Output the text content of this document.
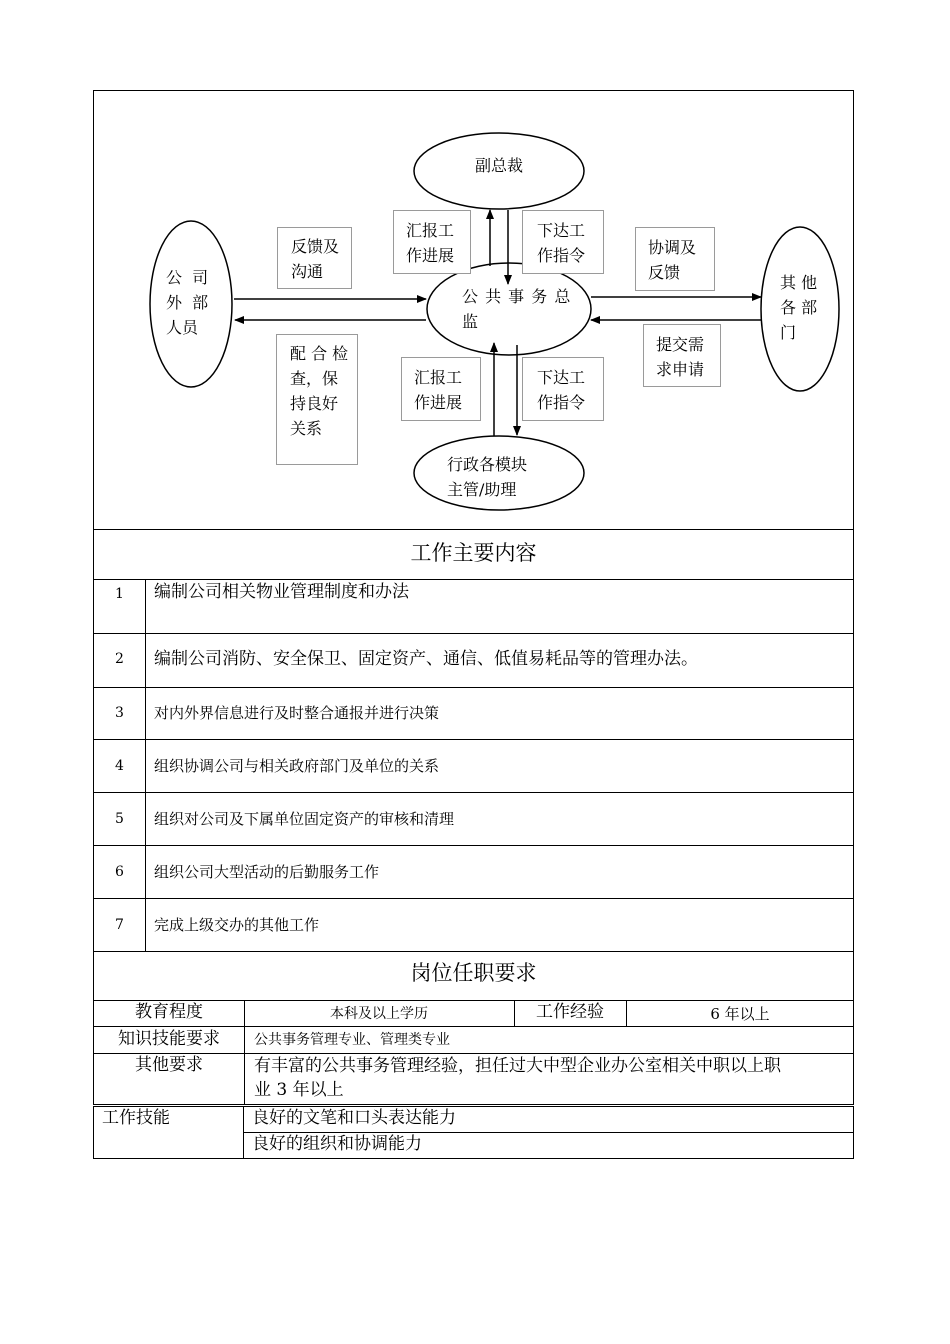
副总裁
公 共 事 务 总
监
公  司
外  部
人员
其 他
各 部
门
行政各模块
主管/助理
反馈及
沟通
配 合 检
查，保
持良好
关系
汇报工
作进展
下达工
作指令
汇报工
作进展
下达工
作指令
协调及
反馈
提交需
求申请
工作主要内容
1	编制公司相关物业管理制度和办法
2	编制公司消防、安全保卫、固定资产、通信、低值易耗品等的管理办法。
3	对内外界信息进行及时整合通报并进行决策
4	组织协调公司与相关政府部门及单位的关系
5	组织对公司及下属单位固定资产的审核和清理
6	组织公司大型活动的后勤服务工作
7	完成上级交办的其他工作
岗位任职要求
教育程度	本科及以上学历	工作经验	6 年以上
知识技能要求	公共事务管理专业、管理类专业
其他要求	有丰富的公共事务管理经验，担任过大中型企业办公室相关中职以上职
业 3 年以上
工作技能	良好的文笔和口头表达能力
良好的组织和协调能力
